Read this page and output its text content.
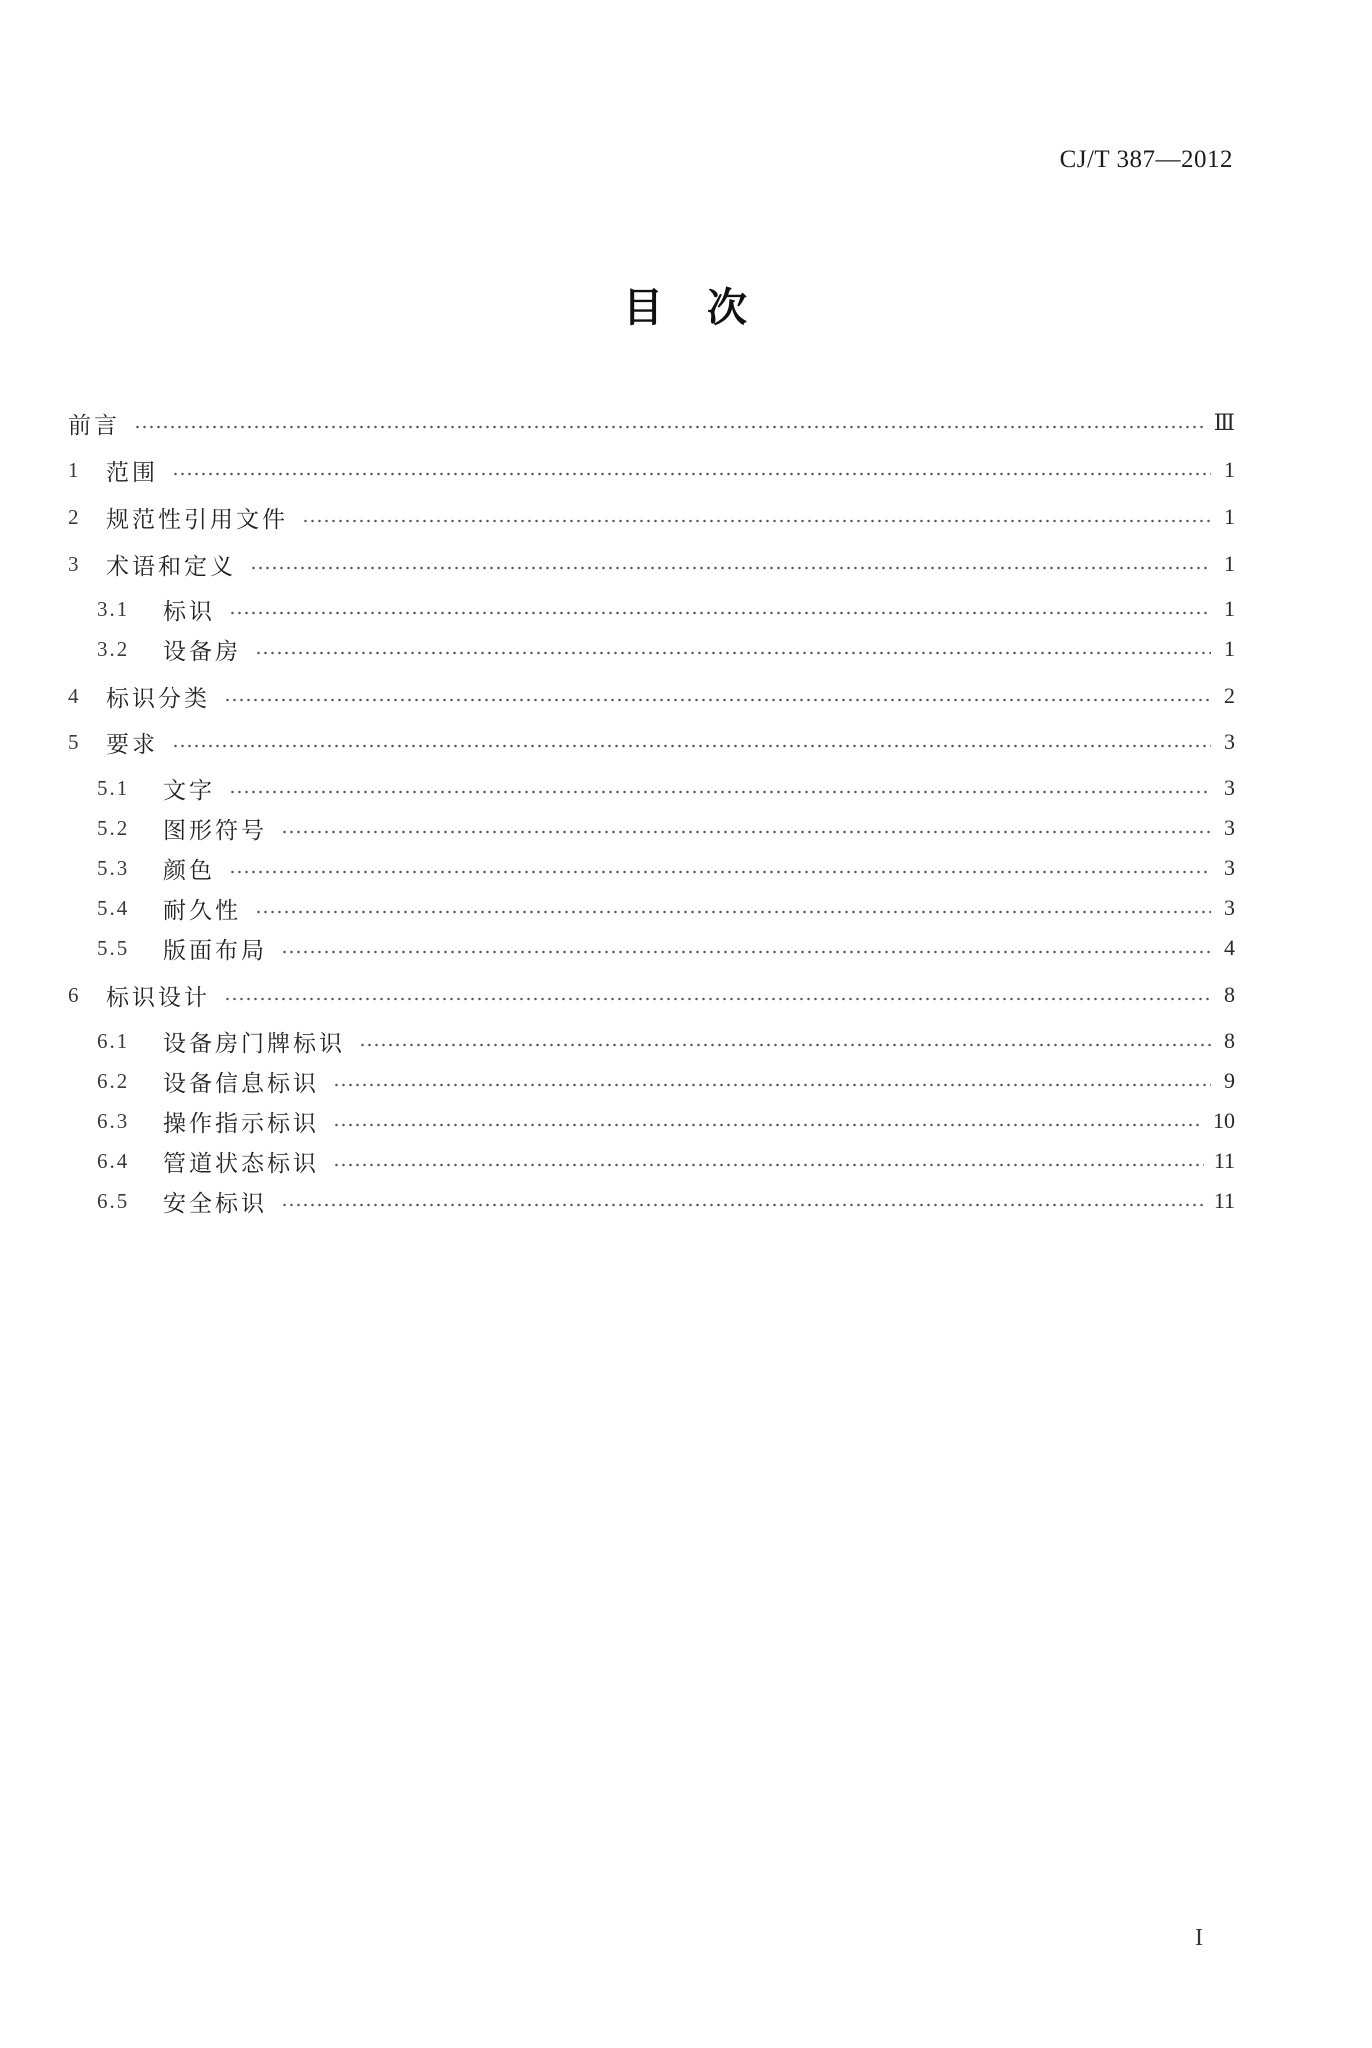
CJ/T 387—2012
目　次
前言	Ⅲ
1	范围	1
2	规范性引用文件	1
3	术语和定义	1
3.1	标识	1
3.2	设备房	1
4	标识分类	2
5	要求	3
5.1	文字	3
5.2	图形符号	3
5.3	颜色	3
5.4	耐久性	3
5.5	版面布局	4
6	标识设计	8
6.1	设备房门牌标识	8
6.2	设备信息标识	9
6.3	操作指示标识	10
6.4	管道状态标识	11
6.5	安全标识	11
I
